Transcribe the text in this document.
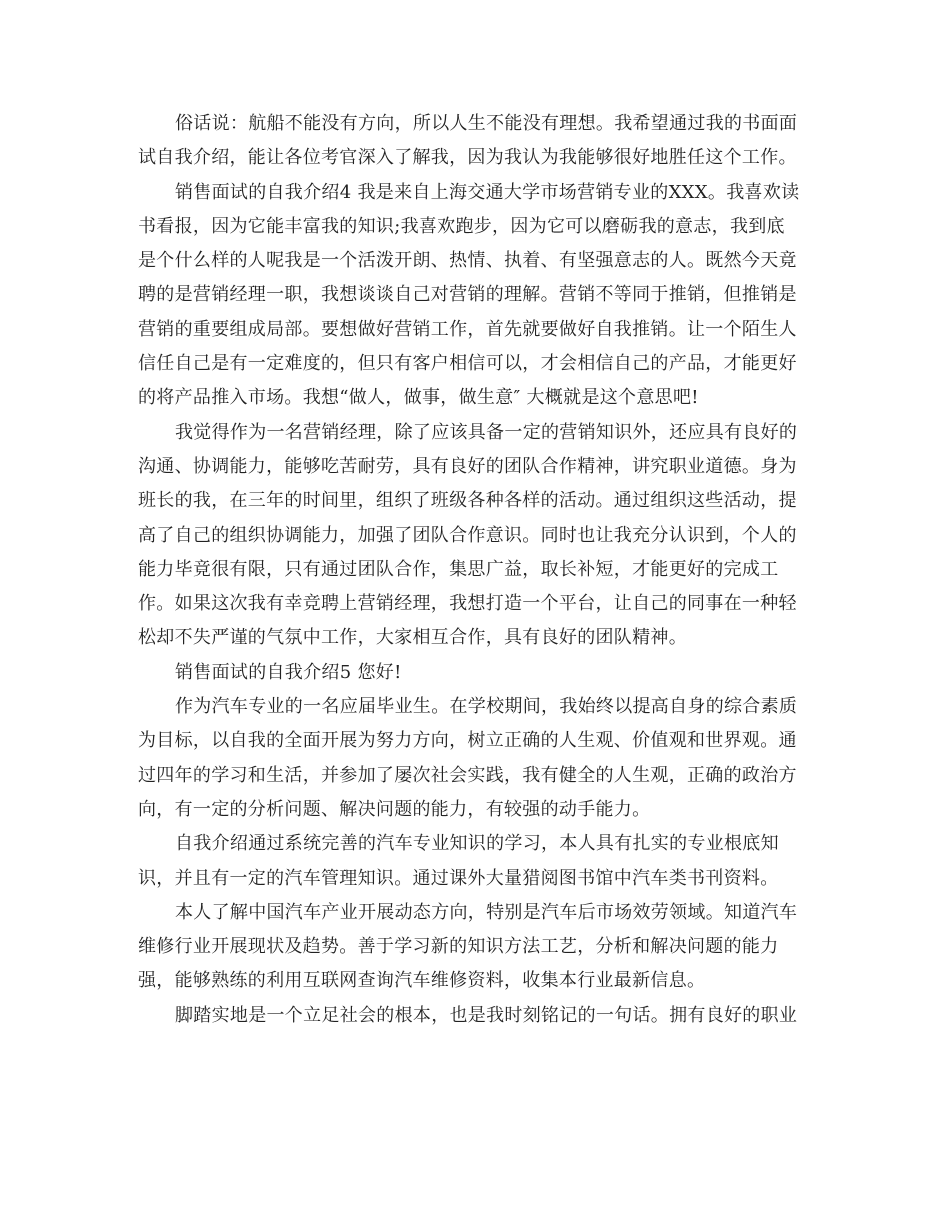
俗话说：航船不能没有方向，所以人生不能没有理想。我希望通过我的书面面
试自我介绍，能让各位考官深入了解我，因为我认为我能够很好地胜任这个工作。
销售面试的自我介绍4 我是来自上海交通大学市场营销专业的XXX。我喜欢读
书看报，因为它能丰富我的知识;我喜欢跑步，因为它可以磨砺我的意志，我到底
是个什么样的人呢我是一个活泼开朗、热情、执着、有坚强意志的人。既然今天竟
聘的是营销经理一职，我想谈谈自己对营销的理解。营销不等同于推销，但推销是
营销的重要组成局部。要想做好营销工作，首先就要做好自我推销。让一个陌生人
信任自己是有一定难度的，但只有客户相信可以，才会相信自己的产品，才能更好
的将产品推入市场。我想“做人，做事，做生意″ 大概就是这个意思吧!
我觉得作为一名营销经理，除了应该具备一定的营销知识外，还应具有良好的
沟通、协调能力，能够吃苦耐劳，具有良好的团队合作精神，讲究职业道德。身为
班长的我，在三年的时间里，组织了班级各种各样的活动。通过组织这些活动，提
高了自己的组织协调能力，加强了团队合作意识。同时也让我充分认识到，个人的
能力毕竟很有限，只有通过团队合作，集思广益，取长补短，才能更好的完成工
作。如果这次我有幸竞聘上营销经理，我想打造一个平台，让自己的同事在一种轻
松却不失严谨的气氛中工作，大家相互合作，具有良好的团队精神。
销售面试的自我介绍5 您好!
作为汽车专业的一名应届毕业生。在学校期间，我始终以提高自身的综合素质
为目标，以自我的全面开展为努力方向，树立正确的人生观、价值观和世界观。通
过四年的学习和生活，并参加了屡次社会实践，我有健全的人生观，正确的政治方
向，有一定的分析问题、解决问题的能力，有较强的动手能力。
自我介绍通过系统完善的汽车专业知识的学习，本人具有扎实的专业根底知
识，并且有一定的汽车管理知识。通过课外大量猎阅图书馆中汽车类书刊资料。
本人了解中国汽车产业开展动态方向，特别是汽车后市场效劳领域。知道汽车
维修行业开展现状及趋势。善于学习新的知识方法工艺，分析和解决问题的能力
强，能够熟练的利用互联网查询汽车维修资料，收集本行业最新信息。
脚踏实地是一个立足社会的根本，也是我时刻铭记的一句话。拥有良好的职业
